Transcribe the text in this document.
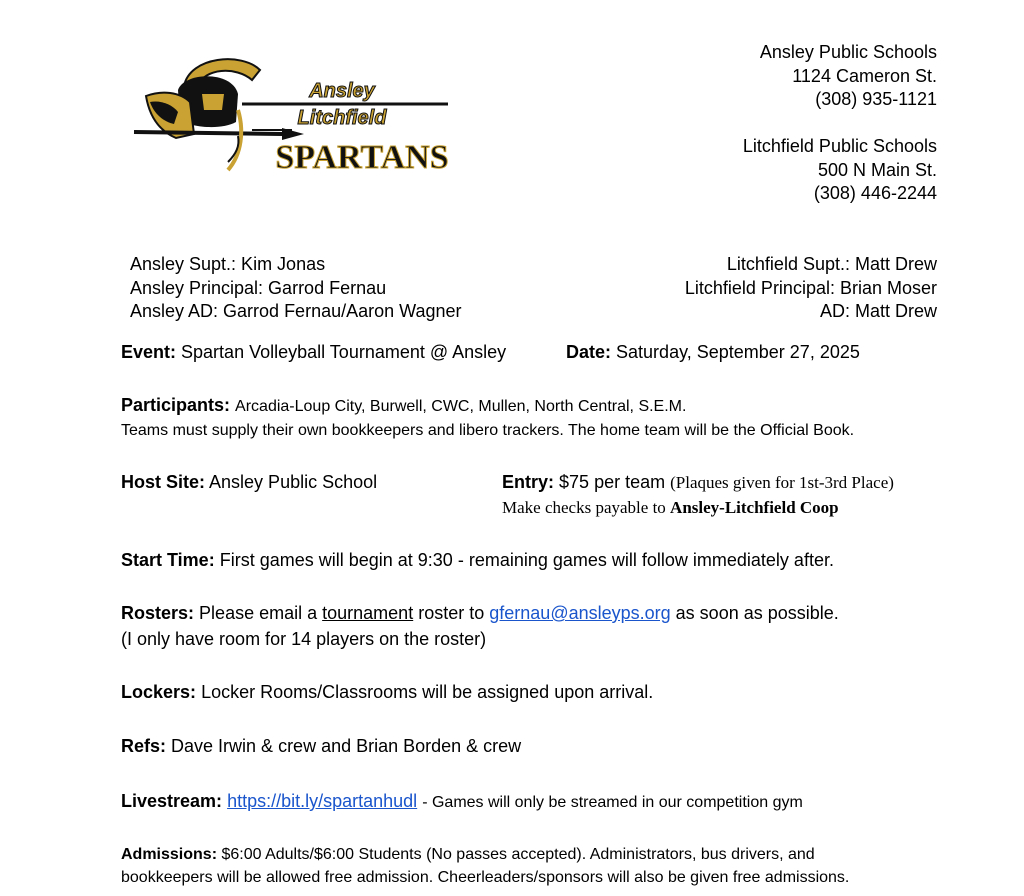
Ansley
Litchfield
SPARTANS
Ansley Public Schools
1124 Cameron St.
(308) 935-1121
Litchfield Public Schools
500 N Main St.
(308) 446-2244
Ansley Supt.: Kim Jonas
Ansley Principal: Garrod Fernau
Ansley AD: Garrod Fernau/Aaron Wagner
Litchfield Supt.: Matt Drew
Litchfield Principal: Brian Moser
AD: Matt Drew
Event: Spartan Volleyball Tournament @ Ansley	Date: Saturday, September 27, 2025
Participants: Arcadia-Loup City, Burwell, CWC, Mullen, North Central, S.E.M.
Teams must supply their own bookkeepers and libero trackers. The home team will be the Official Book.
Host Site: Ansley Public School	Entry: $75 per team (Plaques given for 1st-3rd Place)
Make checks payable to Ansley-Litchfield Coop
Start Time: First games will begin at 9:30 - remaining games will follow immediately after.
Rosters: Please email a tournament roster to gfernau@ansleyps.org as soon as possible.
(I only have room for 14 players on the roster)
Lockers: Locker Rooms/Classrooms will be assigned upon arrival.
Refs: Dave Irwin & crew and Brian Borden & crew
Livestream: https://bit.ly/spartanhudl - Games will only be streamed in our competition gym
Admissions: $6:00 Adults/$6:00 Students (No passes accepted). Administrators, bus drivers, and
bookkeepers will be allowed free admission. Cheerleaders/sponsors will also be given free admissions.
